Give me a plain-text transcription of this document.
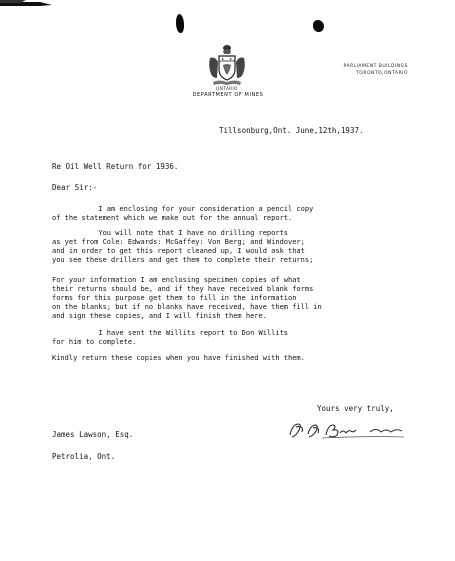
ONTARIO
DEPARTMENT OF MINES
PARLIAMENT BUILDINGS
TORONTO,ONTARIO
Tillsonburg,Ont. June,12th,1937.
Re Oil Well Return for 1936.
Dear Sir:-
I am enclosing for your consideration a pencil copy
of the statement which we make out for the annual report.
You will note that I have no drilling reports
as yet from Cole: Edwards: McGaffey: Von Berg; and Windover;
and in order to get this report cleaned up, I would ask that
you see these drillers and get them to complete their returns;
For your information I am enclosing specimen copies of what
their returns should be, and if they have received blank forms
forms for this purpose get them to fill in the information
on the blanks; but if no blanks have received, have them fill in
and sign these copies, and I will finish them here.
I have sent the Willits report to Don Willits
for him to complete.
Kindly return these copies when you have finished with them.
Yours very truly,
James Lawson, Esq.
Petrolia, Ont.
